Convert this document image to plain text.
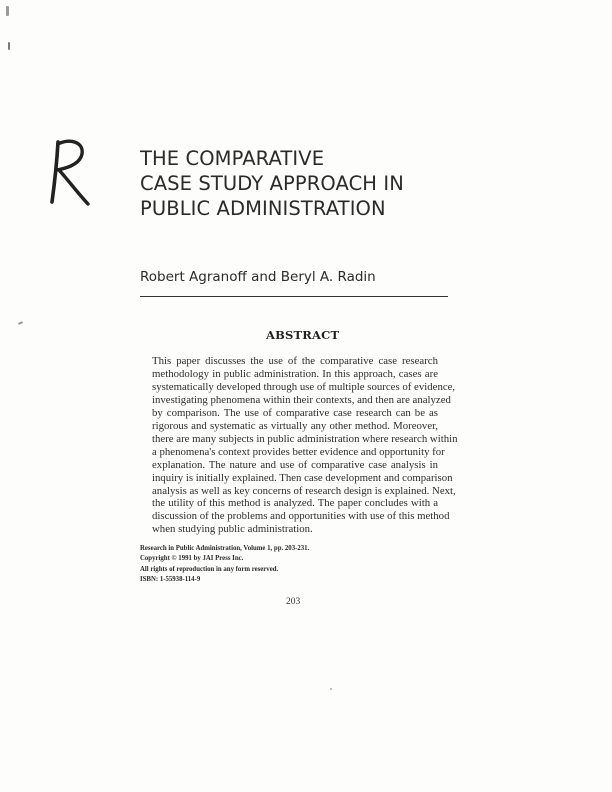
THE COMPARATIVE
CASE STUDY APPROACH IN
PUBLIC ADMINISTRATION
Robert Agranoff and Beryl A. Radin
ABSTRACT

This paper discusses the use of the comparative case research
methodology in public administration. In this approach, cases are
systematically developed through use of multiple sources of evidence,
investigating phenomena within their contexts, and then are analyzed
by comparison. The use of comparative case research can be as
rigorous and systematic as virtually any other method. Moreover,
there are many subjects in public administration where research within
a phenomena's context provides better evidence and opportunity for
explanation. The nature and use of comparative case analysis in
inquiry is initially explained. Then case development and comparison
analysis as well as key concerns of research design is explained. Next,
the utility of this method is analyzed. The paper concludes with a
discussion of the problems and opportunities with use of this method
when studying public administration.

Research in Public Administration, Volume 1, pp. 203-231.
Copyright © 1991 by JAI Press Inc.
All rights of reproduction in any form reserved.
ISBN: 1-55938-114-9
203
